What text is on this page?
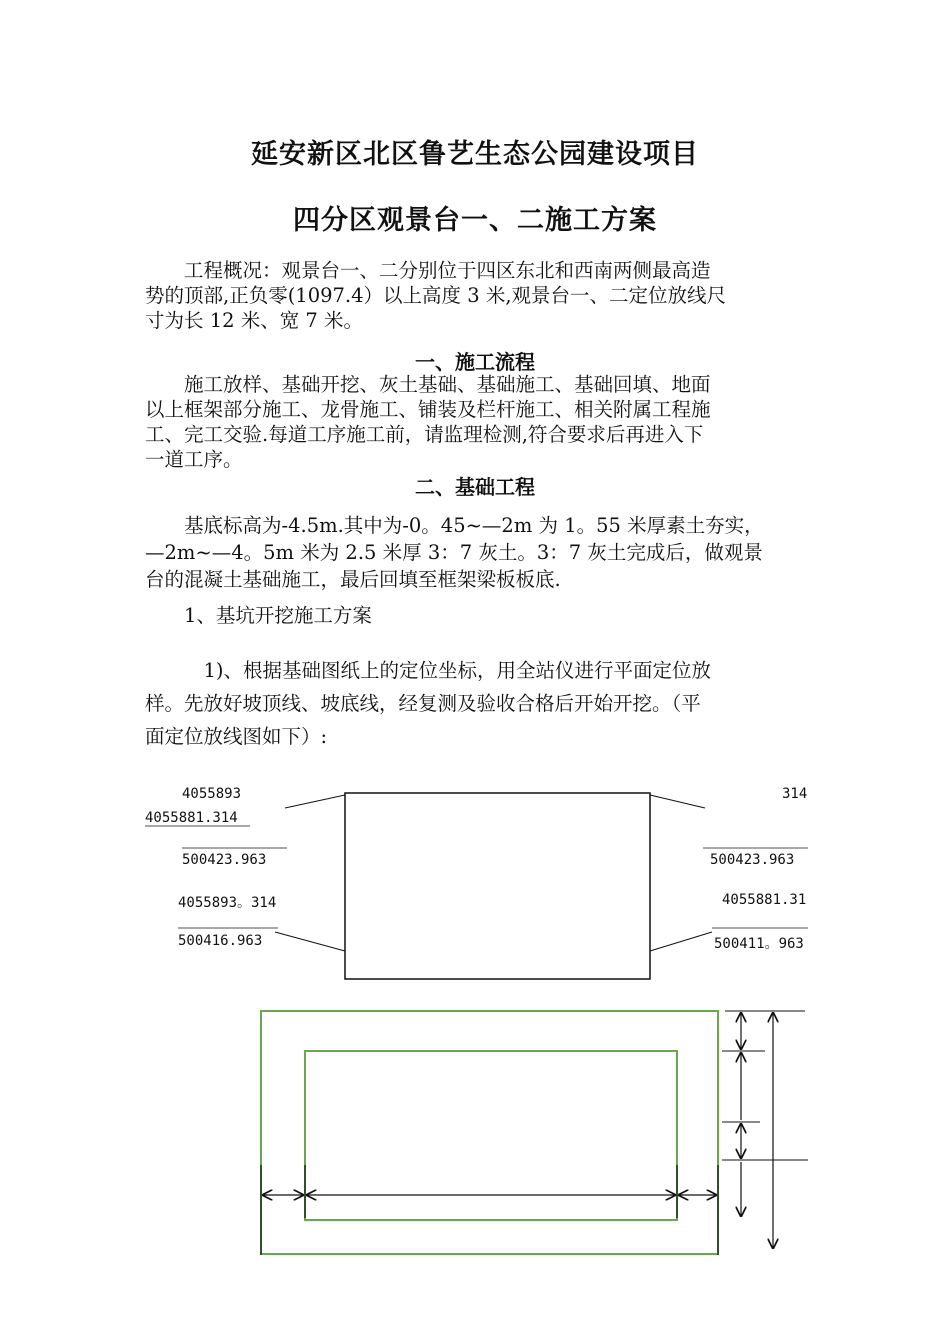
延安新区北区鲁艺生态公园建设项目
四分区观景台一、二施工方案
　　工程概况：观景台一、二分别位于四区东北和西南两侧最高造
势的顶部,正负零(1097.4）以上高度 3 米,观景台一、二定位放线尺
寸为长 12 米、宽 7 米。
一、施工流程
　　施工放样、基础开挖、灰土基础、基础施工、基础回填、地面
以上框架部分施工、龙骨施工、铺装及栏杆施工、相关附属工程施
工、完工交验.每道工序施工前，请监理检测,符合要求后再进入下
一道工序。
二、基础工程
　　基底标高为-4.5m.其中为-0。45~—2m 为 1。55 米厚素土夯实，
—2m~—4。5m 米为 2.5 米厚 3：7 灰土。3：7 灰土完成后，做观景
台的混凝土基础施工，最后回填至框架梁板板底.
　　1、基坑开挖施工方案
　　　1)、根据基础图纸上的定位坐标，用全站仪进行平面定位放
样。先放好坡顶线、坡底线，经复测及验收合格后开始开挖。（平
面定位放线图如下）:
4055893
4055881.314
500423.963
314
500423.963
4055893。314
500416.963
4055881.31
500411。963
